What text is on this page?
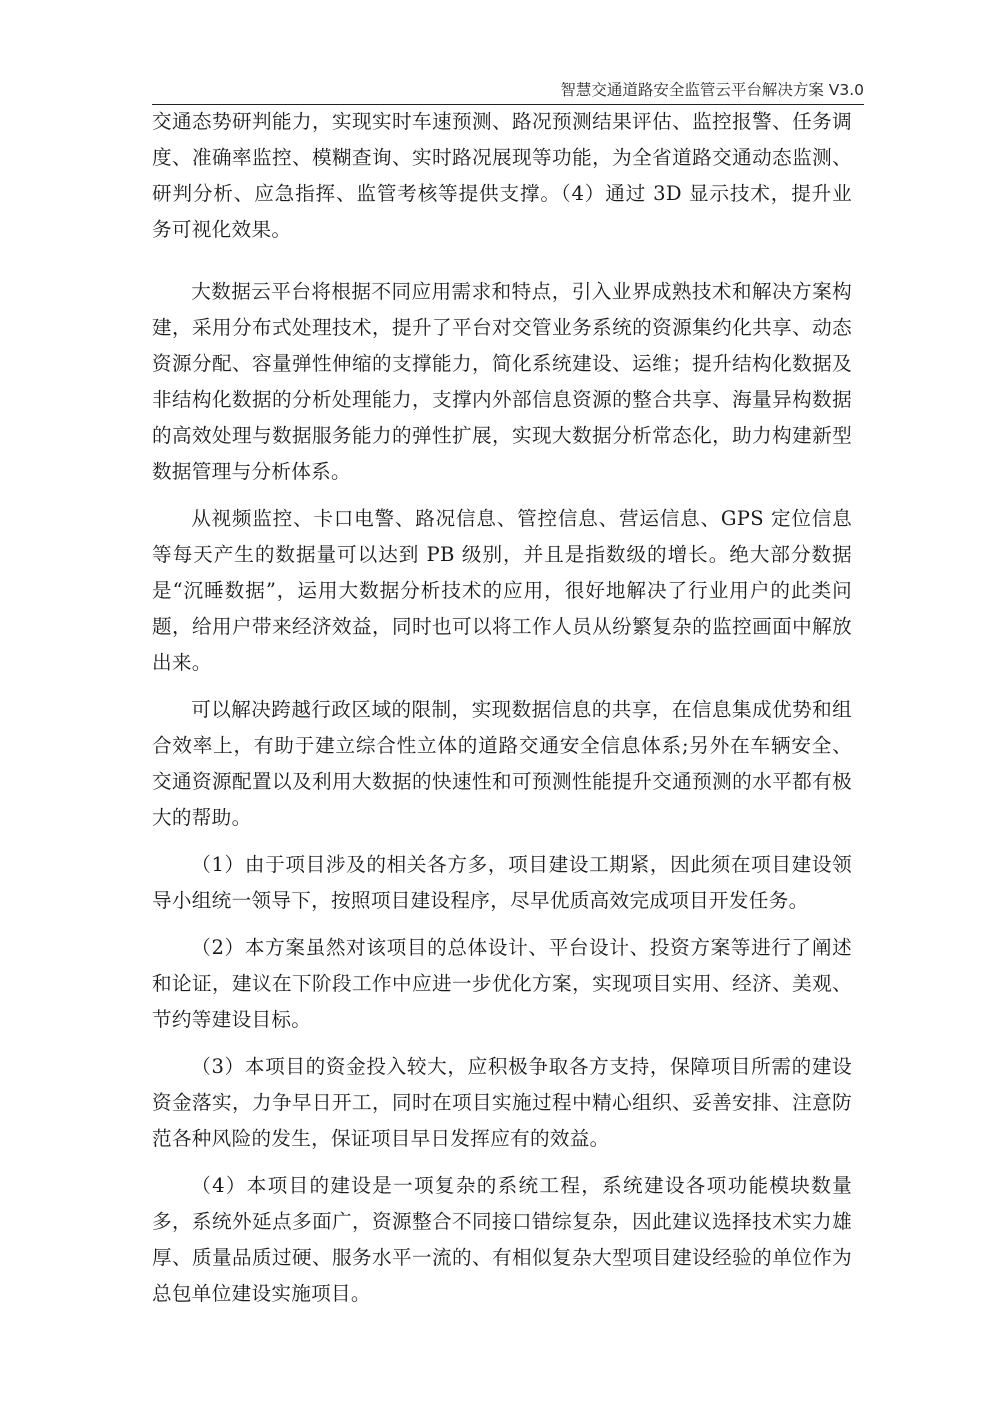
智慧交通道路安全监管云平台解决方案 V3.0

交通态势研判能力，实现实时车速预测、路况预测结果评估、监控报警、任务调度、准确率监控、模糊查询、实时路况展现等功能，为全省道路交通动态监测、研判分析、应急指挥、监管考核等提供支撑。（4）通过 3D 显示技术，提升业务可视化效果。

大数据云平台将根据不同应用需求和特点，引入业界成熟技术和解决方案构 建，采用分布式处理技术，提升了平台对交管业务系统的资源集约化共享、动态 资源分配、容量弹性伸缩的支撑能力，简化系统建设、运维；提升结构化数据及 非结构化数据的分析处理能力，支撑内外部信息资源的整合共享、海量异构数据 的高效处理与数据服务能力的弹性扩展，实现大数据分析常态化，助力构建新型数据管理与分析体系。

从视频监控、卡口电警、路况信息、管控信息、营运信息、GPS 定位信息等每天产生的数据量可以达到 PB 级别，并且是指数级的增长。绝大部分数据是“沉睡数据”，运用大数据分析技术的应用，很好地解决了行业用户的此类问题，给用户带来经济效益，同时也可以将工作人员从纷繁复杂的监控画面中解放出来。

可以解决跨越行政区域的限制，实现数据信息的共享，在信息集成优势和组合效率上，有助于建立综合性立体的道路交通安全信息体系;另外在车辆安全、交通资源配置以及利用大数据的快速性和可预测性能提升交通预测的水平都有极大的帮助。

（1）由于项目涉及的相关各方多，项目建设工期紧，因此须在项目建设领导小组统一领导下，按照项目建设程序，尽早优质高效完成项目开发任务。

（2）本方案虽然对该项目的总体设计、平台设计、投资方案等进行了阐述和论证，建议在下阶段工作中应进一步优化方案，实现项目实用、经济、美观、节约等建设目标。

（3）本项目的资金投入较大，应积极争取各方支持，保障项目所需的建设资金落实，力争早日开工，同时在项目实施过程中精心组织、妥善安排、注意防范各种风险的发生，保证项目早日发挥应有的效益。

（4）本项目的建设是一项复杂的系统工程，系统建设各项功能模块数量多，系统外延点多面广，资源整合不同接口错综复杂，因此建议选择技术实力雄厚、质量品质过硬、服务水平一流的、有相似复杂大型项目建设经验的单位作为总包单位建设实施项目。
